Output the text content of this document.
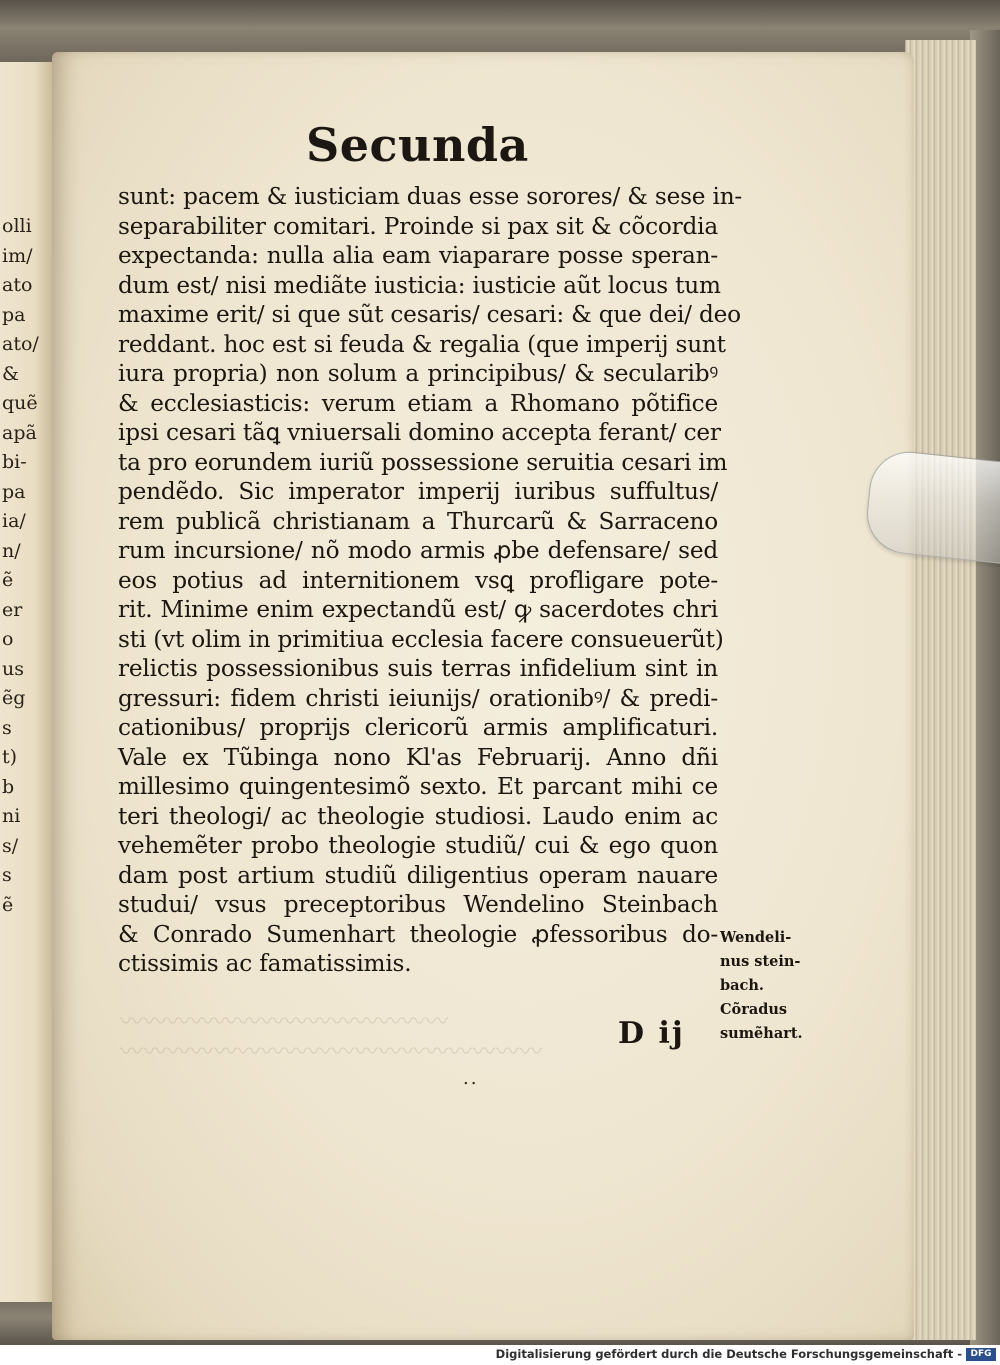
olli
im/
ato
pa
ato/
&
quẽ
apã
bi-
pa
ia/
n/
ẽ
er
o
us
ẽg
s
t)
b
ni
s/
s
ẽ
〰〰〰〰〰〰〰〰〰〰〰〰〰〰
〰〰〰〰〰〰〰〰〰〰〰〰〰〰〰〰〰〰
Secunda
sunt: pacem & iusticiam duas esse sorores/ & sese in-
separabiliter comitari. Proinde si pax sit & cõcordia
expectanda: nulla alia eam viaparare posse speran-
dum est/ nisi mediãte iusticia: iusticie aũt locus tum
maxime erit/ si que sũt cesaris/ cesari: & que dei/ deo
reddant. hoc est si feuda & regalia (que imperij sunt
iura propria) non solum a principibus/ & secularibꝰ
& ecclesiasticis: verum etiam a Rhomano põtifice
ipsi cesari tãꝗ vniuersali domino accepta ferant/ cer
ta pro eorundem iuriũ possessione seruitia cesari im
pendẽdo. Sic imperator imperij iuribus suffultus/
rem publicã christianam a Thurcarũ & Sarraceno
rum incursione/ nõ modo armis ꝓbe defensare/ sed
eos potius ad internitionem vsꝗ profligare pote-
rit. Minime enim expectandũ est/ ꝙ sacerdotes chri
sti (vt olim in primitiua ecclesia facere consueuerũt)
relictis possessionibus suis terras infidelium sint in
gressuri: fidem christi ieiunijs/ orationibꝰ/ & predi-
cationibus/ proprijs clericorũ armis amplificaturi.
Vale ex Tũbinga nono Kl'as Februarij. Anno dñi
millesimo quingentesimõ sexto. Et parcant mihi ce
teri theologi/ ac theologie studiosi. Laudo enim ac
vehemẽter probo theologie studiũ/ cui & ego quon
dam post artium studiũ diligentius operam nauare
studui/ vsus preceptoribus Wendelino Steinbach
& Conrado Sumenhart theologie ꝓfessoribus do-
ctissimis ac famatissimis.
Wendeli-
nus stein-
bach.
Cõradus
sumẽhart.
D ij
..
Digitalisierung gefördert durch die Deutsche Forschungsgemeinschaft - DFG
